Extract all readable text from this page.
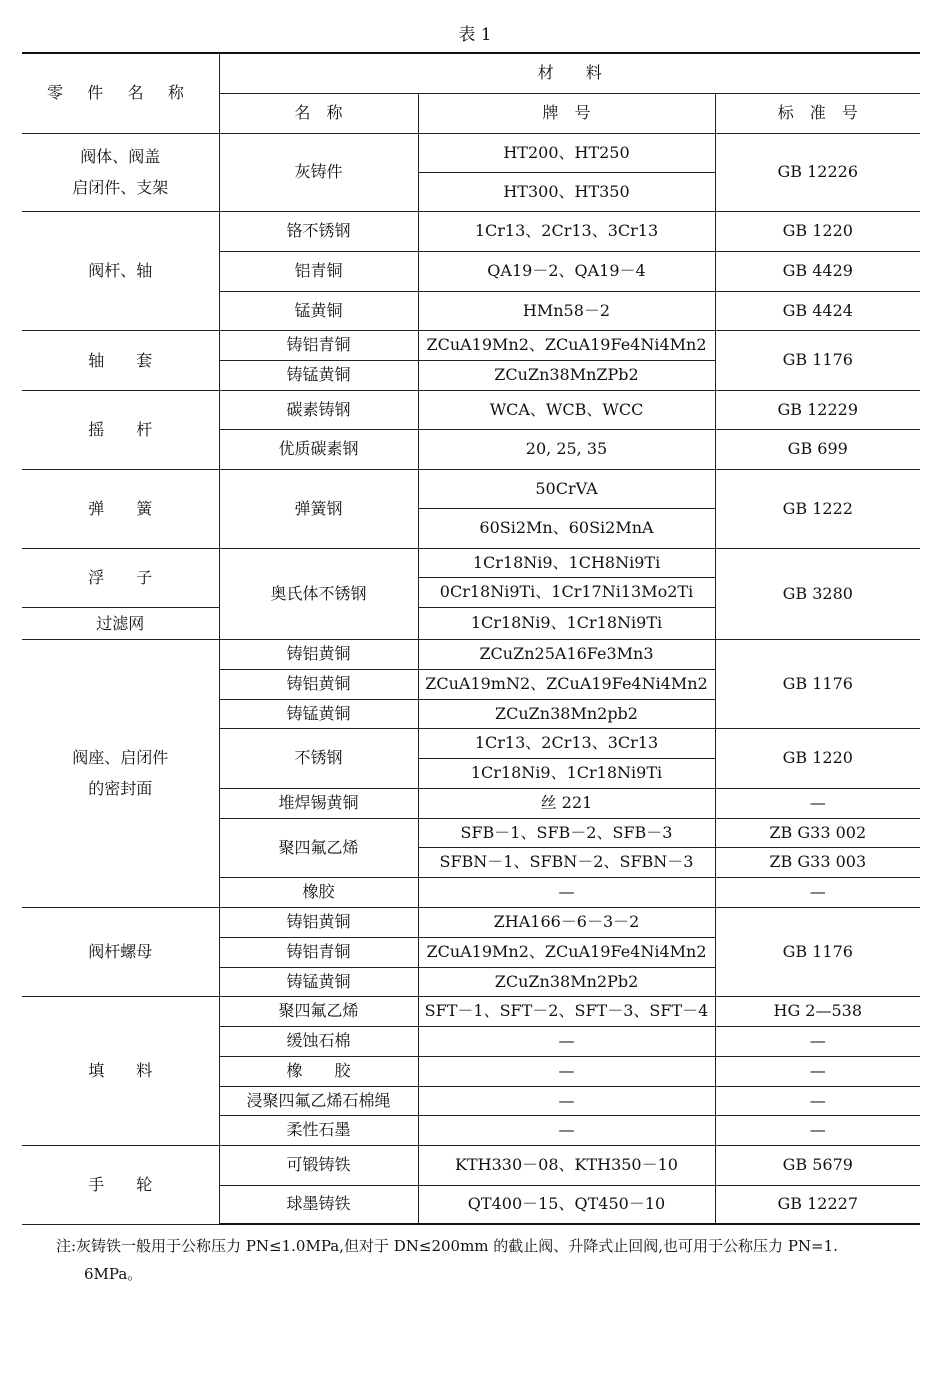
表 1
零 件 名 称	材　　料		
	名　称	牌　号	标　准　号

阀体、阀盖
启闭件、支架	灰铸件	HT200、HT250	GB 12226
		HT300、HT350	

阀杆、轴	铬不锈钢	1Cr13、2Cr13、3Cr13	GB 1220
	铝青铜	QA19－2、QA19－4	GB 4429
	锰黄铜	HMn58－2	GB 4424

轴　　套	铸铝青铜	ZCuA19Mn2、ZCuA19Fe4Ni4Mn2	GB 1176
	铸锰黄铜	ZCuZn38MnZPb2	

摇　　杆	碳素铸钢	WCA、WCB、WCC	GB 12229
	优质碳素钢	20, 25, 35	GB 699

弹　　簧	弹簧钢	50CrVA	GB 1222
		60Si2Mn、60Si2MnA	

浮　　子	奥氏体不锈钢	1Cr18Ni9、1CH8Ni9Ti	GB 3280
		0Cr18Ni9Ti、1Cr17Ni13Mo2Ti	

过滤网		1Cr18Ni9、1Cr18Ni9Ti	

阀座、启闭件
的密封面	铸铝黄铜	ZCuZn25A16Fe3Mn3	GB 1176
	铸铝黄铜	ZCuA19mN2、ZCuA19Fe4Ni4Mn2	
	铸锰黄铜	ZCuZn38Mn2pb2	
	不锈钢	1Cr13、2Cr13、3Cr13	GB 1220
		1Cr18Ni9、1Cr18Ni9Ti	
	堆焊锡黄铜	丝 221	—
	聚四氟乙烯	SFB－1、SFB－2、SFB－3	ZB G33 002
		SFBN－1、SFBN－2、SFBN－3	ZB G33 003
	橡胶	—	—

阀杆螺母	铸铝黄铜	ZHA166－6－3－2	GB 1176
	铸铝青铜	ZCuA19Mn2、ZCuA19Fe4Ni4Mn2	
	铸锰黄铜	ZCuZn38Mn2Pb2	

填　　料	聚四氟乙烯	SFT－1、SFT－2、SFT－3、SFT－4	HG 2—538
	缓蚀石棉	—	—
	橡　　胶	—	—
	浸聚四氟乙烯石棉绳	—	—
	柔性石墨	—	—

手　　轮	可锻铸铁	KTH330－08、KTH350－10	GB 5679
	球墨铸铁	QT400－15、QT450－10	GB 12227
注:灰铸铁一般用于公称压力 PN≤1.0MPa,但对于 DN≤200mm 的截止阀、升降式止回阀,也可用于公称压力 PN=1.
6MPa。
